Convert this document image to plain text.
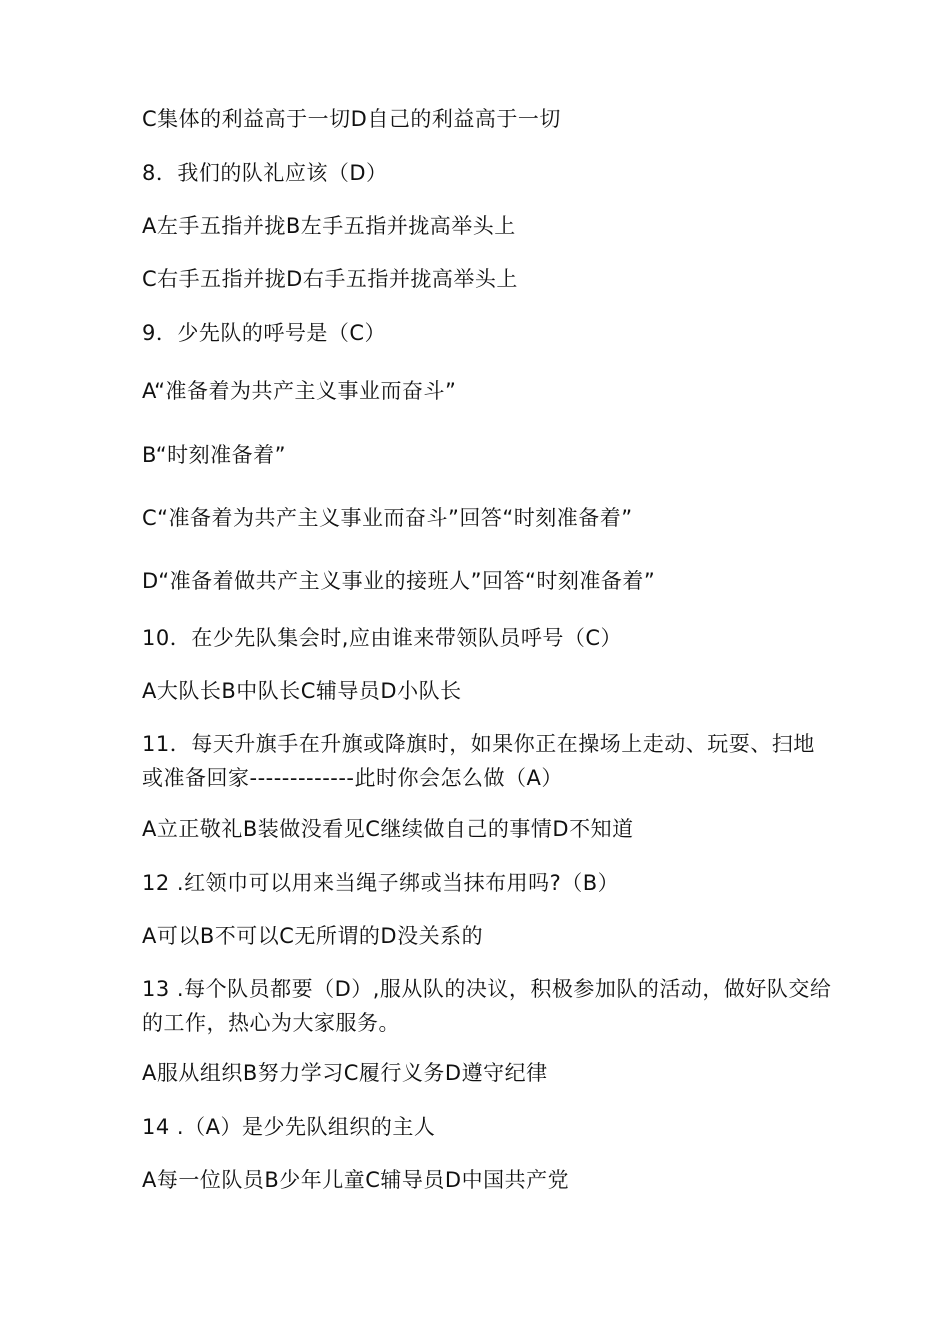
C集体的利益高于一切D自己的利益高于一切
8．我们的队礼应该（D）
A左手五指并拢B左手五指并拢高举头上
C右手五指并拢D右手五指并拢高举头上
9．少先队的呼号是（C）
A“准备着为共产主义事业而奋斗”
B“时刻准备着”
C“准备着为共产主义事业而奋斗”回答“时刻准备着”
D“准备着做共产主义事业的接班人”回答“时刻准备着”
10．在少先队集会时,应由谁来带领队员呼号（C）
A大队长B中队长C辅导员D小队长
11．每天升旗手在升旗或降旗时，如果你正在操场上走动、玩耍、扫地或准备回家-------------此时你会怎么做（A）
A立正敬礼B装做没看见C继续做自己的事情D不知道
12 .红领巾可以用来当绳子绑或当抹布用吗?（B）
A可以B不可以C无所谓的D没关系的
13 .每个队员都要（D）,服从队的决议，积极参加队的活动，做好队交给的工作，热心为大家服务。
A服从组织B努力学习C履行义务D遵守纪律
14 .（A）是少先队组织的主人
A每一位队员B少年儿童C辅导员D中国共产党
